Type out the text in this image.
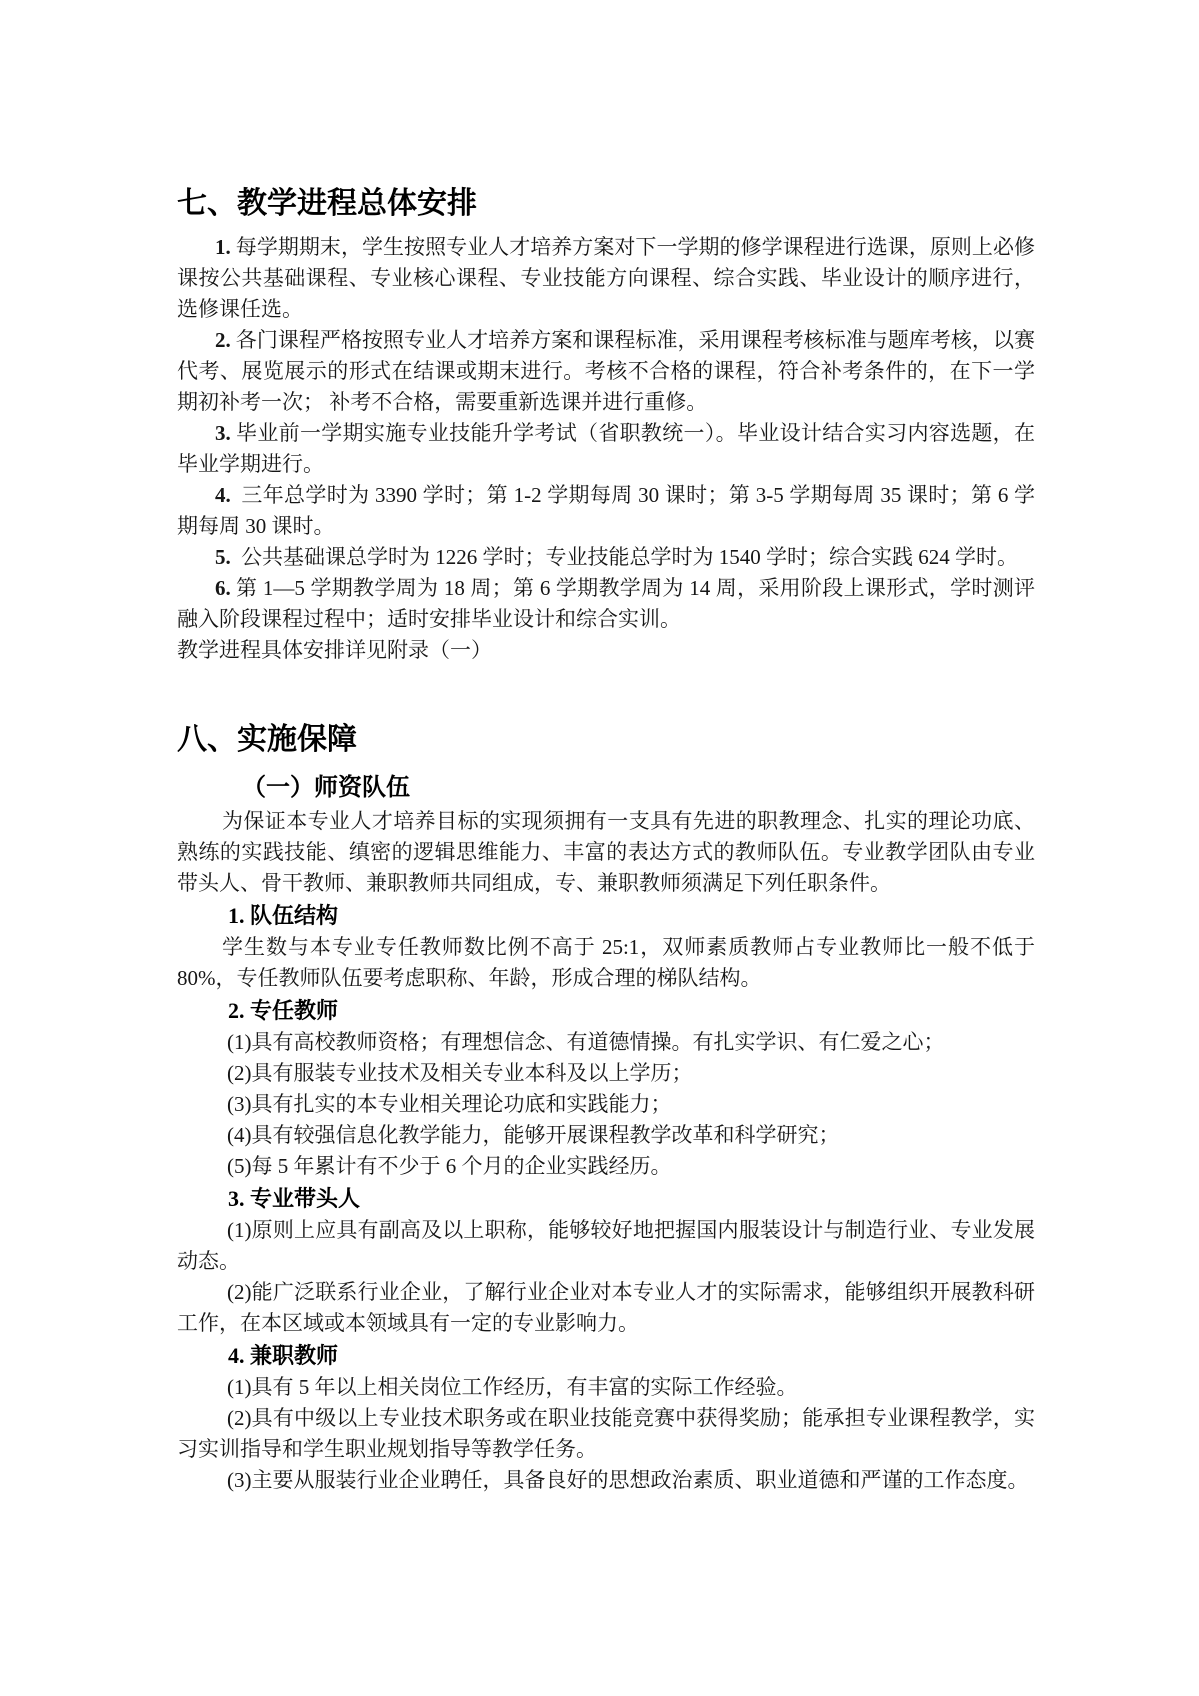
七、教学进程总体安排

1. 每学期期末，学生按照专业人才培养方案对下一学期的修学课程进行选课，原则上必修课按公共基础课程、专业核心课程、专业技能方向课程、综合实践、毕业设计的顺序进行，选修课任选。

2. 各门课程严格按照专业人才培养方案和课程标准，采用课程考核标准与题库考核，以赛代考、展览展示的形式在结课或期末进行。考核不合格的课程，符合补考条件的，在下一学期初补考一次； 补考不合格，需要重新选课并进行重修。

3. 毕业前一学期实施专业技能升学考试（省职教统一）。毕业设计结合实习内容选题，在毕业学期进行。

4. 三年总学时为 3390 学时；第 1-2 学期每周 30 课时；第 3-5 学期每周 35 课时；第 6 学期每周 30 课时。

5. 公共基础课总学时为 1226 学时；专业技能总学时为 1540 学时；综合实践 624 学时。

6. 第 1—5 学期教学周为 18 周；第 6 学期教学周为 14 周，采用阶段上课形式，学时测评融入阶段课程过程中；适时安排毕业设计和综合实训。

教学进程具体安排详见附录（一）

八、实施保障
（一）师资队伍

为保证本专业人才培养目标的实现须拥有一支具有先进的职教理念、扎实的理论功底、熟练的实践技能、缜密的逻辑思维能力、丰富的表达方式的教师队伍。专业教学团队由专业带头人、骨干教师、兼职教师共同组成，专、兼职教师须满足下列任职条件。

1. 队伍结构

学生数与本专业专任教师数比例不高于 25:1，双师素质教师占专业教师比一般不低于 80%，专任教师队伍要考虑职称、年龄，形成合理的梯队结构。

2. 专任教师

(1)具有高校教师资格；有理想信念、有道德情操。有扎实学识、有仁爱之心；

(2)具有服装专业技术及相关专业本科及以上学历；

(3)具有扎实的本专业相关理论功底和实践能力；

(4)具有较强信息化教学能力，能够开展课程教学改革和科学研究；

(5)每 5 年累计有不少于 6 个月的企业实践经历。

3. 专业带头人

(1)原则上应具有副高及以上职称，能够较好地把握国内服装设计与制造行业、专业发展动态。

(2)能广泛联系行业企业，了解行业企业对本专业人才的实际需求，能够组织开展教科研工作，在本区域或本领域具有一定的专业影响力。

4. 兼职教师

(1)具有 5 年以上相关岗位工作经历，有丰富的实际工作经验。

(2)具有中级以上专业技术职务或在职业技能竞赛中获得奖励；能承担专业课程教学，实习实训指导和学生职业规划指导等教学任务。

(3)主要从服装行业企业聘任，具备良好的思想政治素质、职业道德和严谨的工作态度。
